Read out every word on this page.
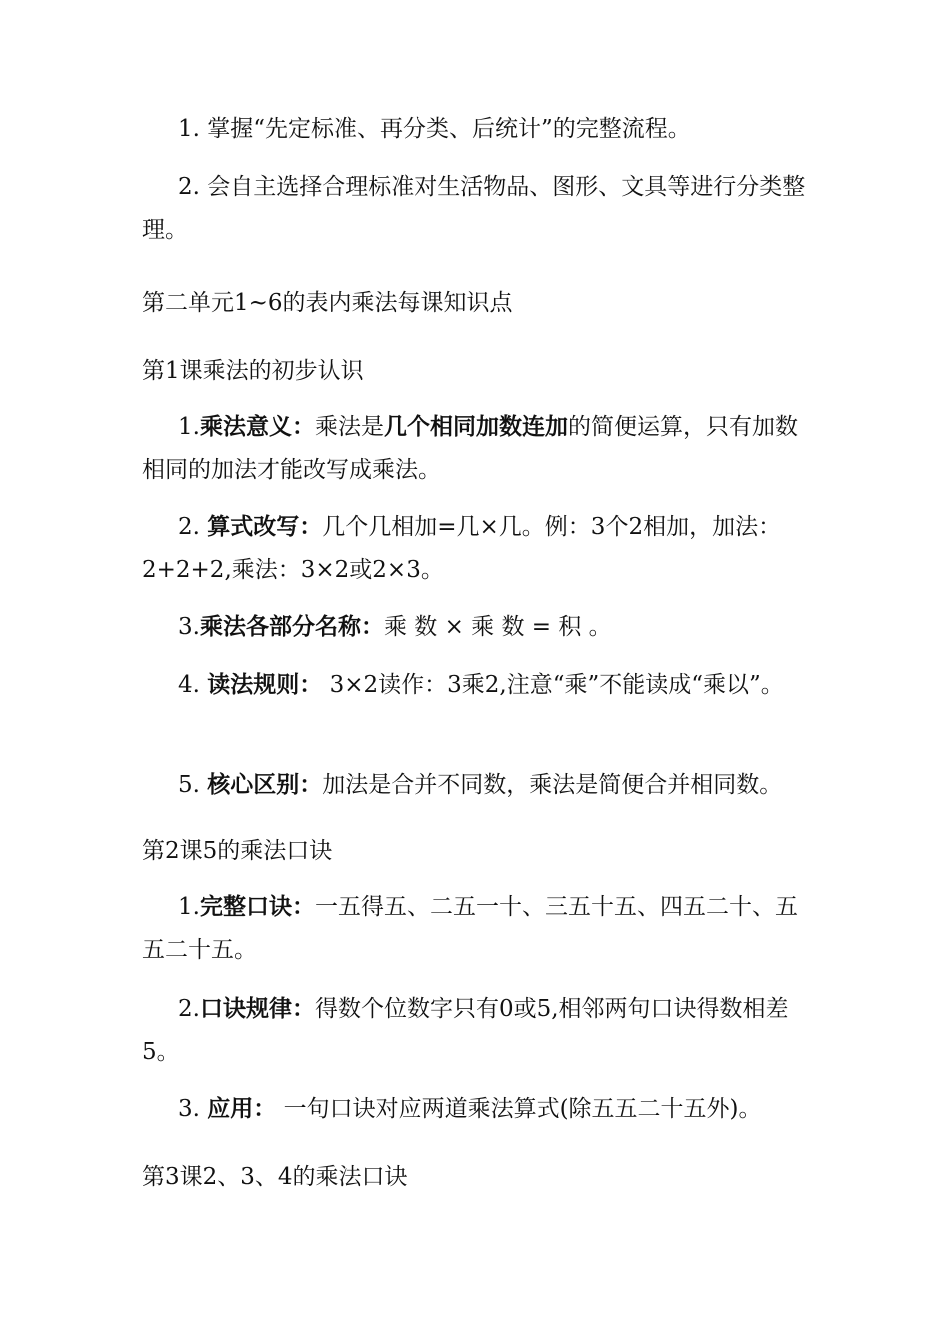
1. 掌握“先定标准、再分类、后统计”的完整流程。
2. 会自主选择合理标准对生活物品、图形、文具等进行分类整理。
第二单元1~6的表内乘法每课知识点
第1课乘法的初步认识
1.乘法意义：乘法是几个相同加数连加的简便运算，只有加数相同的加法才能改写成乘法。
2. 算式改写：几个几相加=几×几。例：3个2相加，加法：2+2+2,乘法：3×2或2×3。
3.乘法各部分名称：乘 数 × 乘 数 = 积 。
4. 读法规则： 3×2读作：3乘2,注意“乘”不能读成“乘以”。
5. 核心区别：加法是合并不同数，乘法是简便合并相同数。
第2课5的乘法口诀
1.完整口诀：一五得五、二五一十、三五十五、四五二十、五五二十五。
2.口诀规律：得数个位数字只有0或5,相邻两句口诀得数相差5。
3. 应用： 一句口诀对应两道乘法算式(除五五二十五外)。
第3课2、3、4的乘法口诀
